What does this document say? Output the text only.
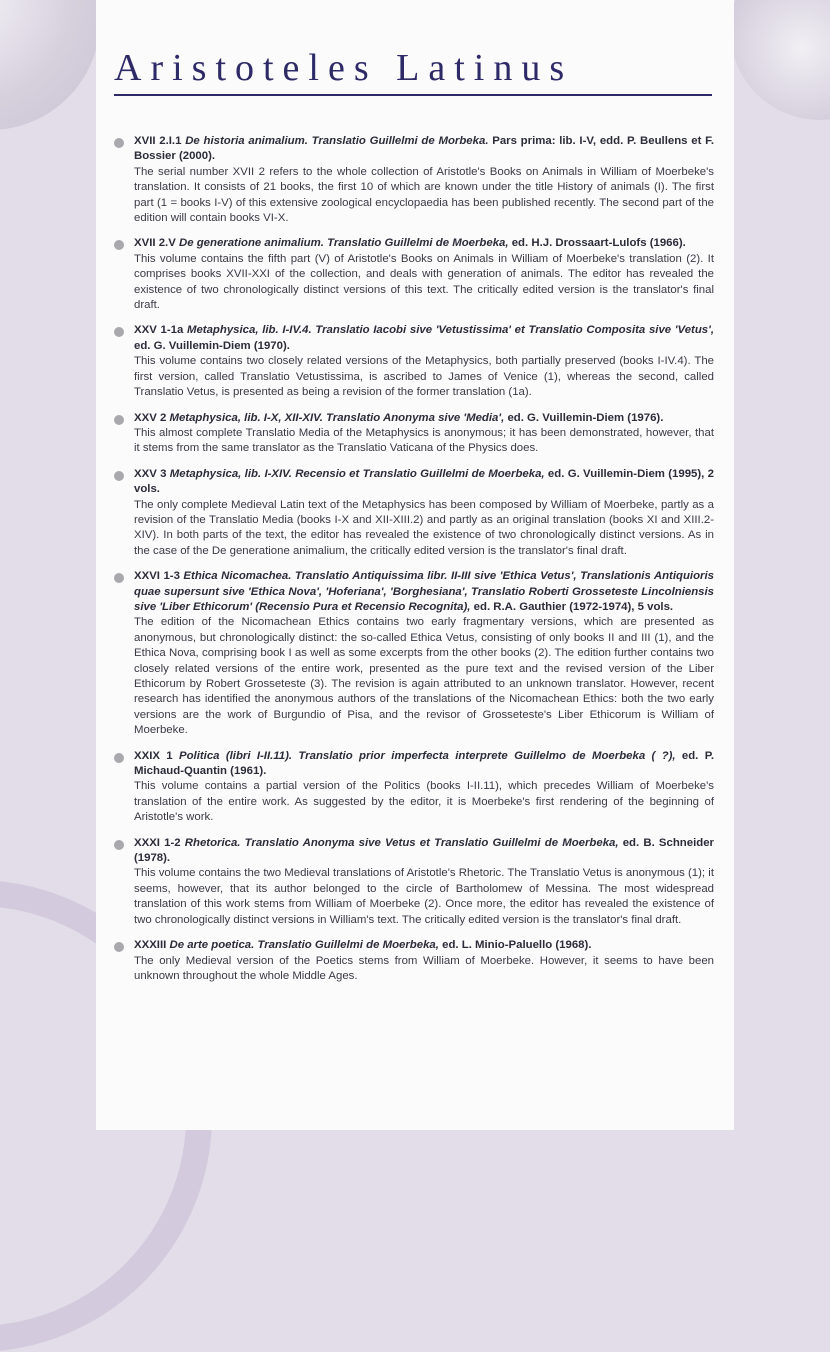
Aristoteles Latinus

XVII 2.I.1 De historia animalium. Translatio Guillelmi de Morbeka. Pars prima: lib. I-V, edd. P. Beullens et F. Bossier (2000).

The serial number XVII 2 refers to the whole collection of Aristotle's Books on Animals in William of Moerbeke's translation. It consists of 21 books, the first 10 of which are known under the title History of animals (I). The first part (1 = books I-V) of this extensive zoological encyclopaedia has been published recently. The second part of the edition will contain books VI-X.

XVII 2.V De generatione animalium. Translatio Guillelmi de Moerbeka, ed. H.J. Drossaart-Lulofs (1966).

This volume contains the fifth part (V) of Aristotle's Books on Animals in William of Moerbeke's translation (2). It comprises books XVII-XXI of the collection, and deals with generation of animals. The editor has revealed the existence of two chronologically distinct versions of this text. The critically edited version is the translator's final draft.

XXV 1-1a Metaphysica, lib. I-IV.4. Translatio Iacobi sive 'Vetustissima' et Translatio Composita sive 'Vetus', ed. G. Vuillemin-Diem (1970).

This volume contains two closely related versions of the Metaphysics, both partially preserved (books I-IV.4). The first version, called Translatio Vetustissima, is ascribed to James of Venice (1), whereas the second, called Translatio Vetus, is presented as being a revision of the former translation (1a).

XXV 2 Metaphysica, lib. I-X, XII-XIV. Translatio Anonyma sive 'Media', ed. G. Vuillemin-Diem (1976).

This almost complete Translatio Media of the Metaphysics is anonymous; it has been demonstrated, however, that it stems from the same translator as the Translatio Vaticana of the Physics does.

XXV 3 Metaphysica, lib. I-XIV. Recensio et Translatio Guillelmi de Moerbeka, ed. G. Vuillemin-Diem (1995), 2 vols.

The only complete Medieval Latin text of the Metaphysics has been composed by William of Moerbeke, partly as a revision of the Translatio Media (books I-X and XII-XIII.2) and partly as an original translation (books XI and XIII.2-XIV). In both parts of the text, the editor has revealed the existence of two chronologically distinct versions. As in the case of the De generatione animalium, the critically edited version is the translator's final draft.

XXVI 1-3 Ethica Nicomachea. Translatio Antiquissima libr. II-III sive 'Ethica Vetus', Translationis Antiquioris quae supersunt sive 'Ethica Nova', 'Hoferiana', 'Borghesiana', Translatio Roberti Grosseteste Lincolniensis sive 'Liber Ethicorum' (Recensio Pura et Recensio Recognita), ed. R.A. Gauthier (1972-1974), 5 vols.

The edition of the Nicomachean Ethics contains two early fragmentary versions, which are presented as anonymous, but chronologically distinct: the so-called Ethica Vetus, consisting of only books II and III (1), and the Ethica Nova, comprising book I as well as some excerpts from the other books (2). The edition further contains two closely related versions of the entire work, presented as the pure text and the revised version of the Liber Ethicorum by Robert Grosseteste (3). The revision is again attributed to an unknown translator. However, recent research has identified the anonymous authors of the translations of the Nicomachean Ethics: both the two early versions are the work of Burgundio of Pisa, and the revisor of Grosseteste's Liber Ethicorum is William of Moerbeke.

XXIX 1 Politica (libri I-II.11). Translatio prior imperfecta interprete Guillelmo de Moerbeka ( ?), ed. P. Michaud-Quantin (1961).

This volume contains a partial version of the Politics (books I-II.11), which precedes William of Moerbeke's translation of the entire work. As suggested by the editor, it is Moerbeke's first rendering of the beginning of Aristotle's work.

XXXI 1-2 Rhetorica. Translatio Anonyma sive Vetus et Translatio Guillelmi de Moerbeka, ed. B. Schneider (1978).

This volume contains the two Medieval translations of Aristotle's Rhetoric. The Translatio Vetus is anonymous (1); it seems, however, that its author belonged to the circle of Bartholomew of Messina. The most widespread translation of this work stems from William of Moerbeke (2). Once more, the editor has revealed the existence of two chronologically distinct versions in William's text. The critically edited version is the translator's final draft.

XXXIII De arte poetica. Translatio Guillelmi de Moerbeka, ed. L. Minio-Paluello (1968).

The only Medieval version of the Poetics stems from William of Moerbeke. However, it seems to have been unknown throughout the whole Middle Ages.
